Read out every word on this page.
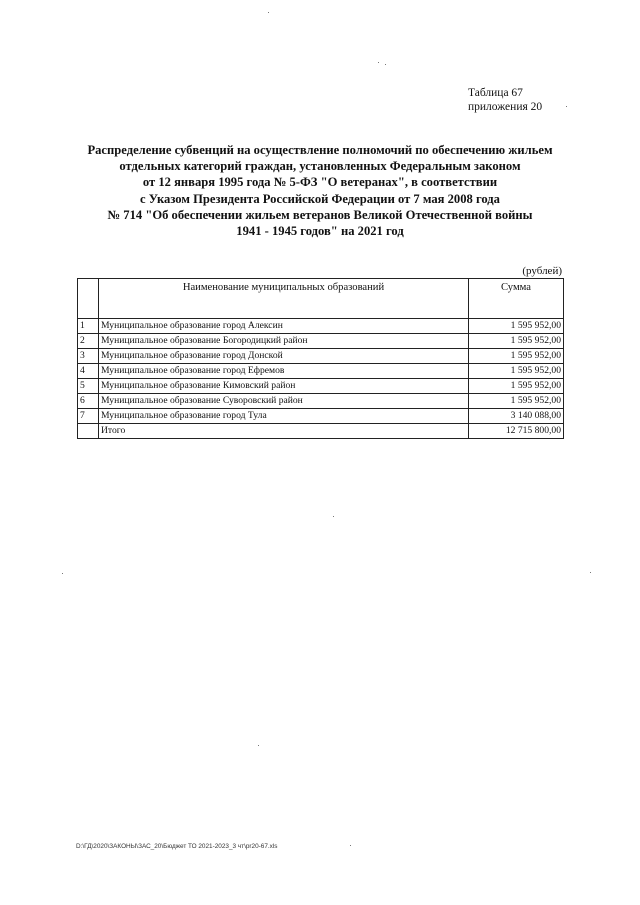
Таблица 67
приложения 20
Распределение субвенций на осуществление полномочий по обеспечению жильем
отдельных категорий граждан, установленных Федеральным законом
от 12 января 1995 года № 5-ФЗ "О ветеранах", в соответствии
с Указом Президента Российской Федерации от 7 мая 2008 года
№ 714 "Об обеспечении жильем ветеранов Великой Отечественной войны
1941 - 1945 годов" на 2021 год
(рублей)
	Наименование муниципальных образований	Сумма
1	Муниципальное образование город Алексин	1 595 952,00
2	Муниципальное образование Богородицкий район	1 595 952,00
3	Муниципальное образование город Донской	1 595 952,00
4	Муниципальное образование город Ефремов	1 595 952,00
5	Муниципальное образование Кимовский район	1 595 952,00
6	Муниципальное образование Суворовский район	1 595 952,00
7	Муниципальное образование город Тула	3 140 088,00
	Итого	12 715 800,00
D:\ГД\2020\ЗАКОНЫ\ЗАС_20\Бюджет ТО 2021-2023_3 чт\pr20-67.xls
